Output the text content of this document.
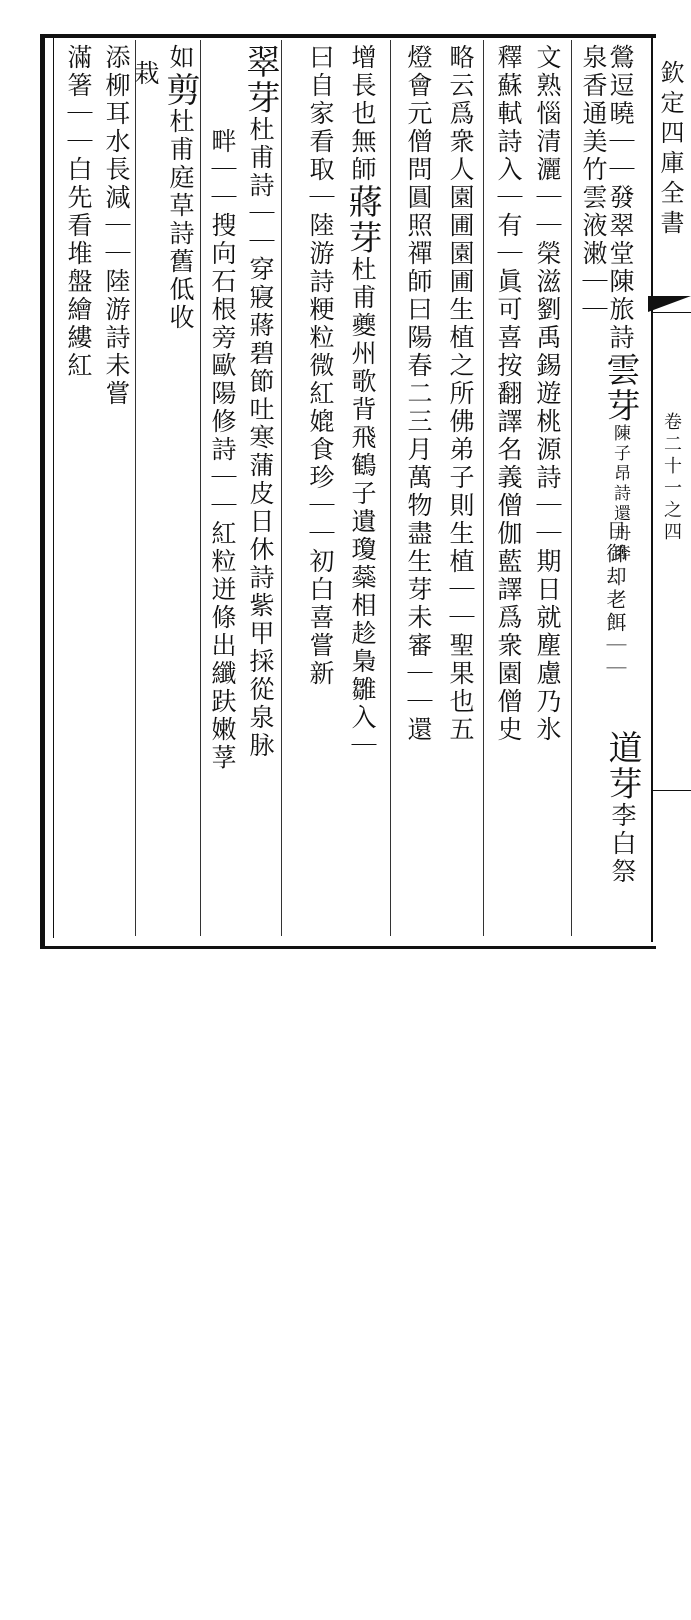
鶯逗曉｜｜發翠堂陳旅詩雲芽陳子昂詩還丹奔
泉香通美竹雲液潄｜｜
日御却老餌｜｜
道芽李白祭
文熟惱清灑｜｜榮滋劉禹錫遊桃源詩｜｜期日就塵慮乃氷
釋蘇軾詩入｜有｜眞可喜按翻譯名義僧伽藍譯爲衆園僧史
略云爲衆人園圃園圃生植之所佛弟子則生植｜｜聖果也五
燈會元僧問圓照禪師曰陽春二三月萬物盡生芽未審｜｜還
增長也無師蔣芽杜甫夔州歌背飛鶴子遺瓊蘂相趁梟雛入｜
曰自家看取｜陸游詩粳粒微紅媲食珍｜｜初白喜嘗新
翠芽杜甫詩｜｜穿寢蔣碧節吐寒蒲皮日休詩紫甲採從泉脉
畔｜｜搜向石根旁歐陽修詩｜｜紅粒迸條出纖趺嫩莩
如剪杜甫庭草詩舊低收
栽
添柳耳水長減｜｜陸游詩未嘗
滿箸｜｜白先看堆盤繪縷紅	欽定四庫全書
卷二十一之四
